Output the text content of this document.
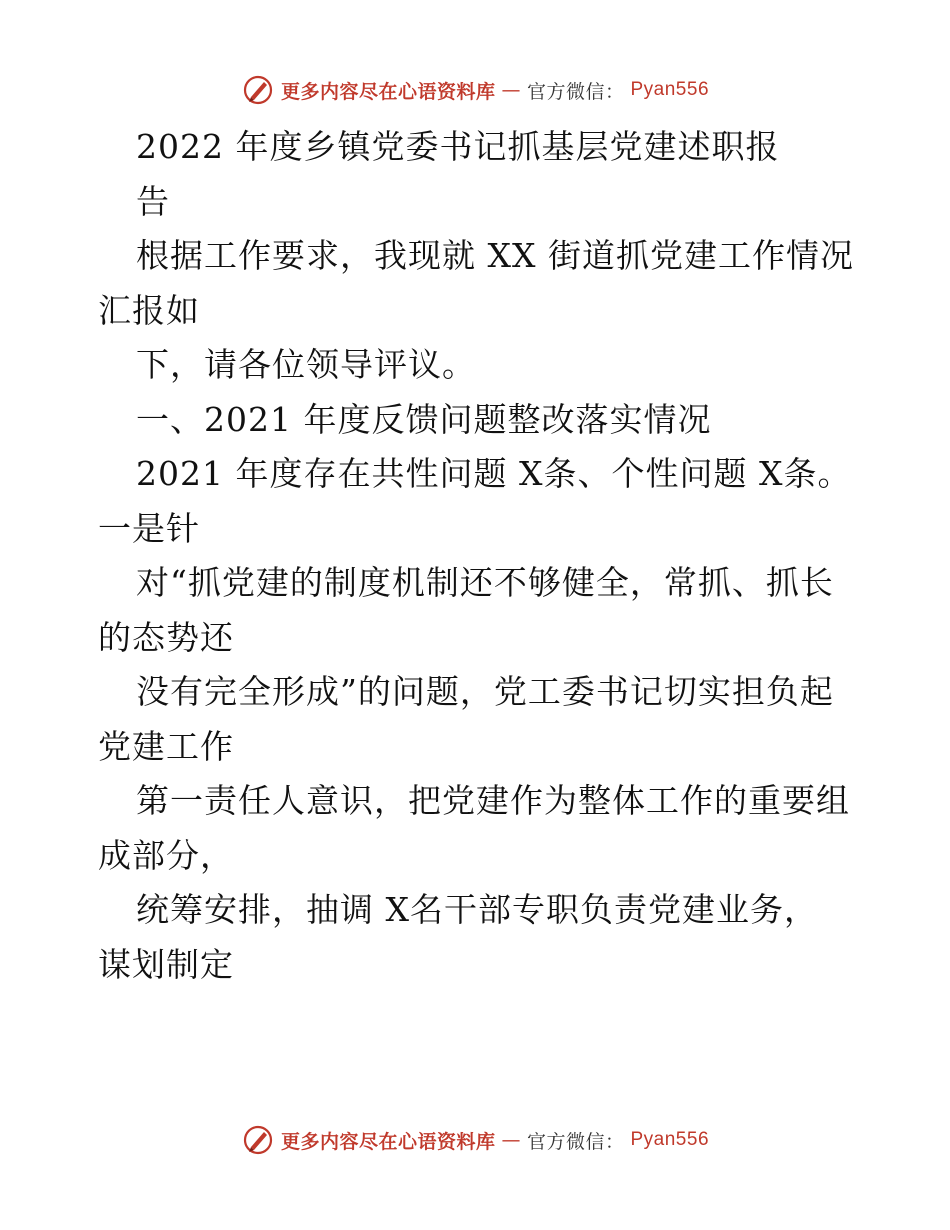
更多内容尽在心语资料库 — 官方微信： Pyan556
2022 年度乡镇党委书记抓基层党建述职报
告
根据工作要求，我现就 XX 街道抓党建工作情况
汇报如
下，请各位领导评议。
一、2021 年度反馈问题整改落实情况
2021 年度存在共性问题 X条、个性问题 X条。
一是针
对“抓党建的制度机制还不够健全，常抓、抓长
的态势还
没有完全形成”的问题，党工委书记切实担负起
党建工作
第一责任人意识，把党建作为整体工作的重要组
成部分，
统筹安排，抽调 X名干部专职负责党建业务，
谋划制定
更多内容尽在心语资料库 — 官方微信： Pyan556
